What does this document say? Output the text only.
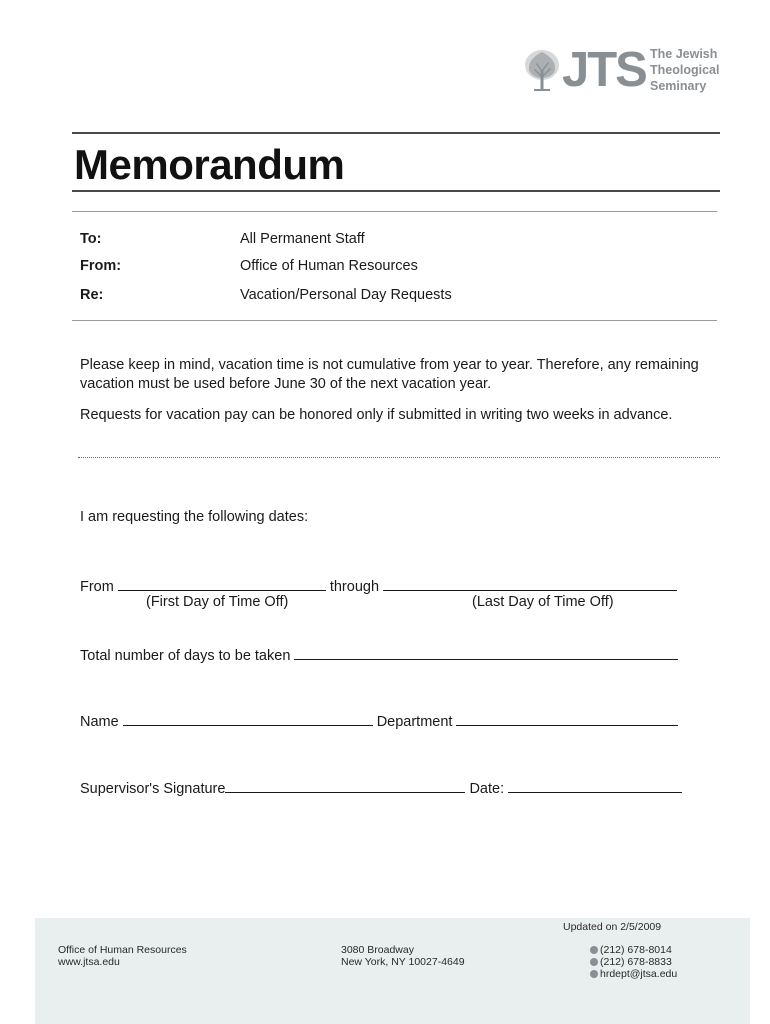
JTS The Jewish
Theological
Seminary
Memorandum
To:	All Permanent Staff
From:	Office of Human Resources
Re:	Vacation/Personal Day Requests
Please keep in mind, vacation time is not cumulative from year to year. Therefore, any remaining vacation must be used before June 30 of the next vacation year.
Requests for vacation pay can be honored only if submitted in writing two weeks in advance.
I am requesting the following dates:
From	through
(First Day of Time Off)	(Last Day of Time Off)
Total number of days to be taken
Name	Department
Supervisor's Signature	Date:
Updated on 2/5/2009
Office of Human Resources
www.jtsa.edu
3080 Broadway
New York, NY 10027-4649
(212) 678-8014
(212) 678-8833
hrdept@jtsa.edu
